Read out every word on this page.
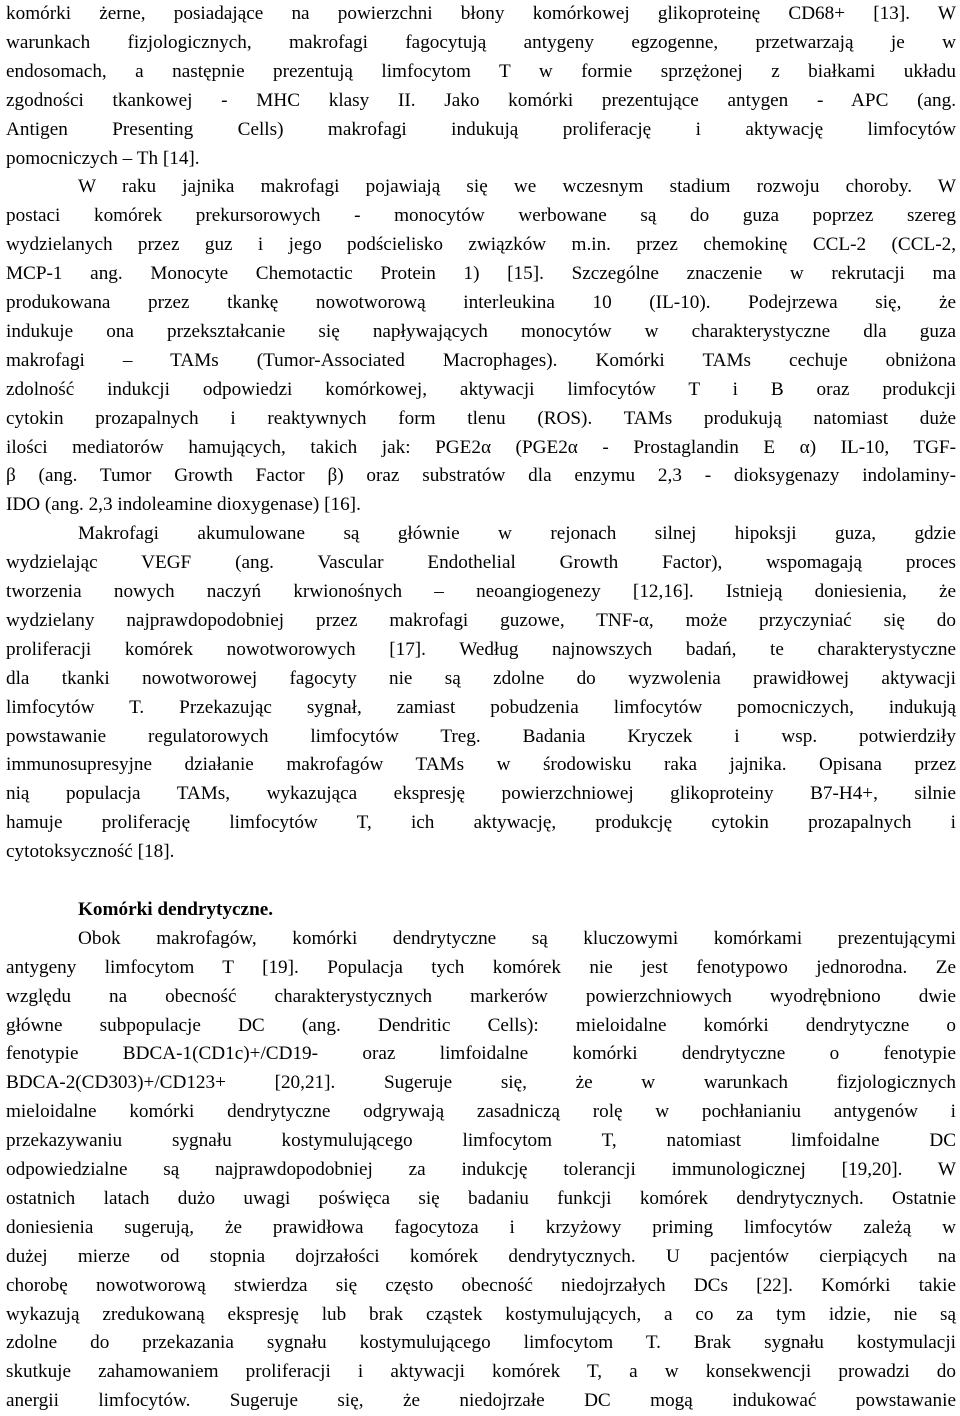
komórki żerne, posiadające na powierzchni błony komórkowej glikoproteinę CD68+ [13]. W
warunkach fizjologicznych, makrofagi fagocytują antygeny egzogenne, przetwarzają je w
endosomach, a następnie prezentują limfocytom T w formie sprzężonej z białkami układu
zgodności tkankowej - MHC klasy II. Jako komórki prezentujące antygen - APC (ang.
Antigen Presenting Cells) makrofagi indukują proliferację i aktywację limfocytów
pomocniczych – Th [14].
W raku jajnika makrofagi pojawiają się we wczesnym stadium rozwoju choroby. W
postaci komórek prekursorowych - monocytów werbowane są do guza poprzez szereg
wydzielanych przez guz i jego podścielisko związków m.in. przez chemokinę CCL-2 (CCL-2,
MCP-1 ang. Monocyte Chemotactic Protein 1) [15]. Szczególne znaczenie w rekrutacji ma
produkowana przez tkankę nowotworową interleukina 10 (IL-10). Podejrzewa się, że
indukuje ona przekształcanie się napływających monocytów w charakterystyczne dla guza
makrofagi – TAMs (Tumor-Associated Macrophages). Komórki TAMs cechuje obniżona
zdolność indukcji odpowiedzi komórkowej, aktywacji limfocytów T i B oraz produkcji
cytokin prozapalnych i reaktywnych form tlenu (ROS). TAMs produkują natomiast duże
ilości mediatorów hamujących, takich jak: PGE2α (PGE2α - Prostaglandin E α) IL-10, TGF-
β (ang. Tumor Growth Factor β) oraz substratów dla enzymu 2,3 - dioksygenazy indolaminy-
IDO (ang. 2,3 indoleamine dioxygenase) [16].
Makrofagi akumulowane są głównie w rejonach silnej hipoksji guza, gdzie
wydzielając VEGF (ang. Vascular Endothelial Growth Factor), wspomagają proces
tworzenia nowych naczyń krwionośnych – neoangiogenezy [12,16]. Istnieją doniesienia, że
wydzielany najprawdopodobniej przez makrofagi guzowe, TNF-α, może przyczyniać się do
proliferacji komórek nowotworowych [17]. Według najnowszych badań, te charakterystyczne
dla tkanki nowotworowej fagocyty nie są zdolne do wyzwolenia prawidłowej aktywacji
limfocytów T. Przekazując sygnał, zamiast pobudzenia limfocytów pomocniczych, indukują
powstawanie regulatorowych limfocytów Treg. Badania Kryczek i wsp. potwierdziły
immunosupresyjne działanie makrofagów TAMs w środowisku raka jajnika. Opisana przez
nią populacja TAMs, wykazująca ekspresję powierzchniowej glikoproteiny B7-H4+, silnie
hamuje proliferację limfocytów T, ich aktywację, produkcję cytokin prozapalnych i
cytotoksyczność [18].
Komórki dendrytyczne.
Obok makrofagów, komórki dendrytyczne są kluczowymi komórkami prezentującymi
antygeny limfocytom T [19]. Populacja tych komórek nie jest fenotypowo jednorodna. Ze
względu na obecność charakterystycznych markerów powierzchniowych wyodrębniono dwie
główne subpopulacje DC (ang. Dendritic Cells): mieloidalne komórki dendrytyczne o
fenotypie BDCA-1(CD1c)+/CD19- oraz limfoidalne komórki dendrytyczne o fenotypie
BDCA-2(CD303)+/CD123+ [20,21]. Sugeruje się, że w warunkach fizjologicznych
mieloidalne komórki dendrytyczne odgrywają zasadniczą rolę w pochłanianiu antygenów i
przekazywaniu sygnału kostymulującego limfocytom T, natomiast limfoidalne DC
odpowiedzialne są najprawdopodobniej za indukcję tolerancji immunologicznej [19,20]. W
ostatnich latach dużo uwagi poświęca się badaniu funkcji komórek dendrytycznych. Ostatnie
doniesienia sugerują, że prawidłowa fagocytoza i krzyżowy priming limfocytów zależą w
dużej mierze od stopnia dojrzałości komórek dendrytycznych. U pacjentów cierpiących na
chorobę nowotworową stwierdza się często obecność niedojrzałych DCs [22]. Komórki takie
wykazują zredukowaną ekspresję lub brak cząstek kostymulujących, a co za tym idzie, nie są
zdolne do przekazania sygnału kostymulującego limfocytom T. Brak sygnału kostymulacji
skutkuje zahamowaniem proliferacji i aktywacji komórek T, a w konsekwencji prowadzi do
anergii limfocytów. Sugeruje się, że niedojrzałe DC mogą indukować powstawanie
